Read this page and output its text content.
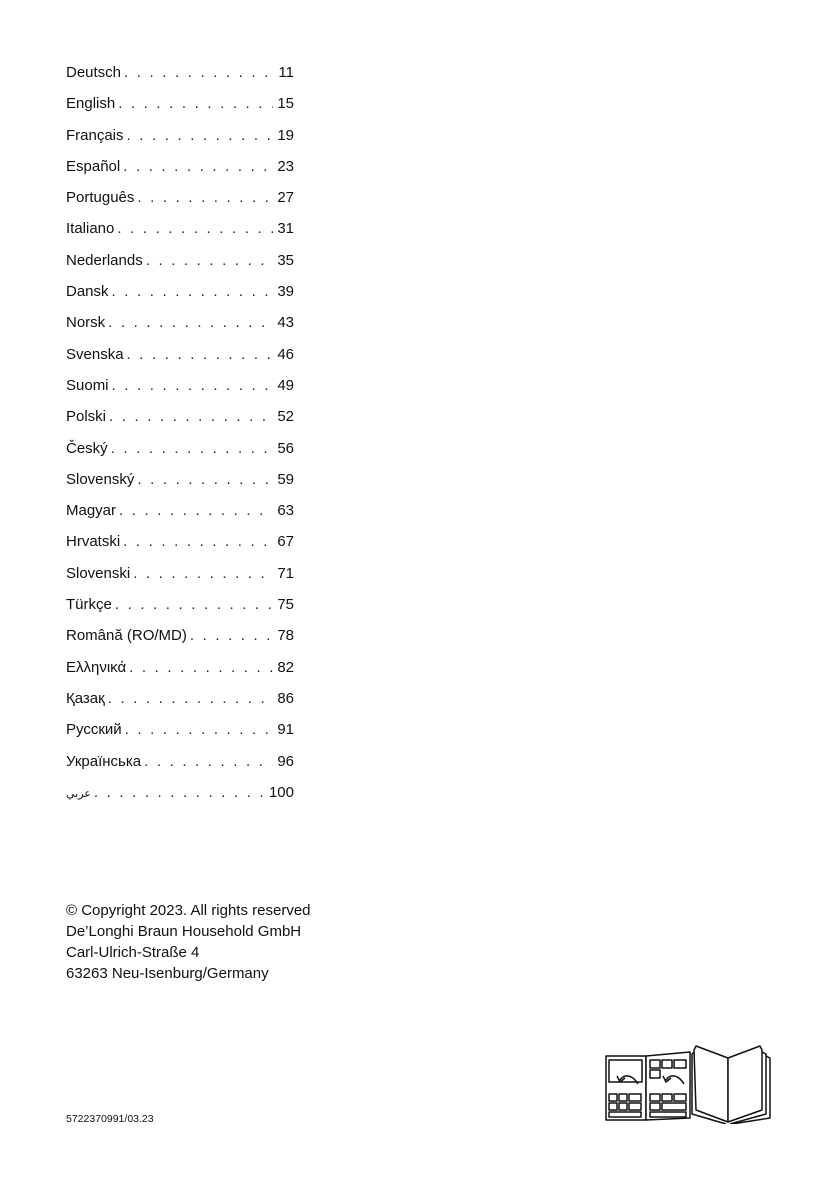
Deutsch . . .	11
English . . .	15
Français . . .	19
Español . . .	23
Português . . .	27
Italiano . . .	31
Nederlands . . .	35
Dansk . . .	39
Norsk . . .	43
Svenska . . .	46
Suomi . . .	49
Polski . . .	52
Český . . .	56
Slovenský . . .	59
Magyar . . .	63
Hrvatski . . .	67
Slovenski . . .	71
Türkçe . . .	75
Română (RO/MD) . . .	78
Ελληνικά . . .	82
Қазақ . . .	86
Русский . . .	91
Українська . . .	96
عربي . . .	100
© Copyright 2023. All rights reserved
De’Longhi Braun Household GmbH
Carl-Ulrich-Straße 4
63263 Neu-Isenburg/Germany
5722370991/03.23
